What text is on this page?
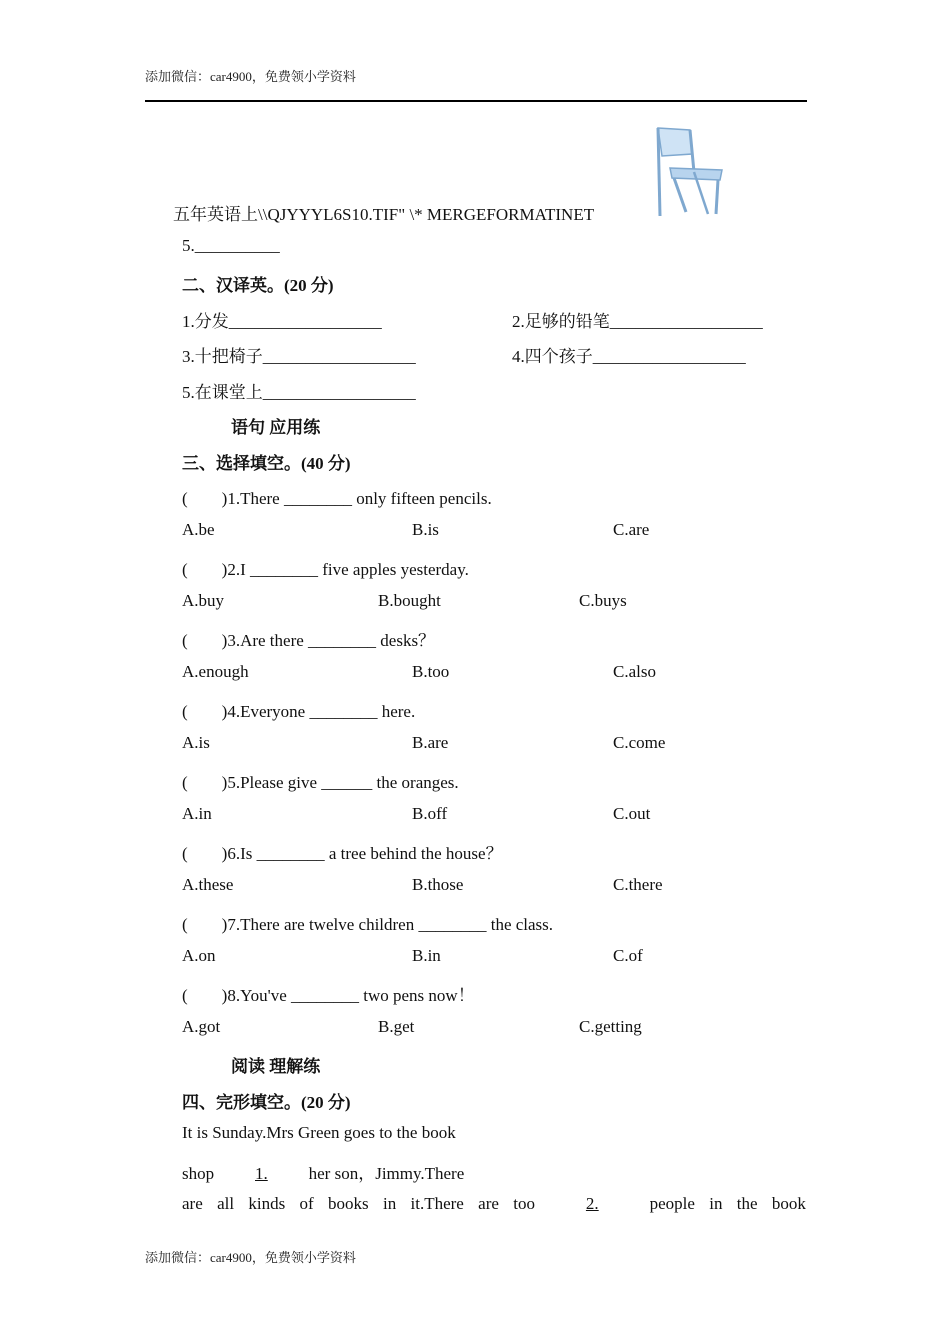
添加微信：car4900，免费领小学资料
五年英语上\\QJYYYL6S10.TIF" \* MERGEFORMATINET
5.__________
二、汉译英。(20 分)
1.分发__________________	2.足够的铅笔__________________
3.十把椅子__________________	4.四个孩子__________________
5.在课堂上__________________
语句 应用练
三、选择填空。(40 分)
(　　)1.There ________ only fifteen pencils.
A.be	B.is	C.are
(　　)2.I ________ five apples yesterday.
A.buy	B.bought	C.buys
(　　)3.Are there ________ desks？
A.enough	B.too	C.also
(　　)4.Everyone ________ here.
A.is	B.are	C.come
(　　)5.Please give ______ the oranges.
A.in	B.off	C.out
(　　)6.Is ________ a tree behind the house？
A.these	B.those	C.there
(　　)7.There are twelve children ________ the class.
A.on	B.in	C.of
(　　)8.You've ________ two pens now！
A.got	B.get	C.getting
阅读 理解练
四、完形填空。(20 分)
It is Sunday.Mrs Green goes to the book
shop 1. her son，Jimmy.There
are all kinds of books in it.There are too	2.	people in the book
添加微信：car4900，免费领小学资料
